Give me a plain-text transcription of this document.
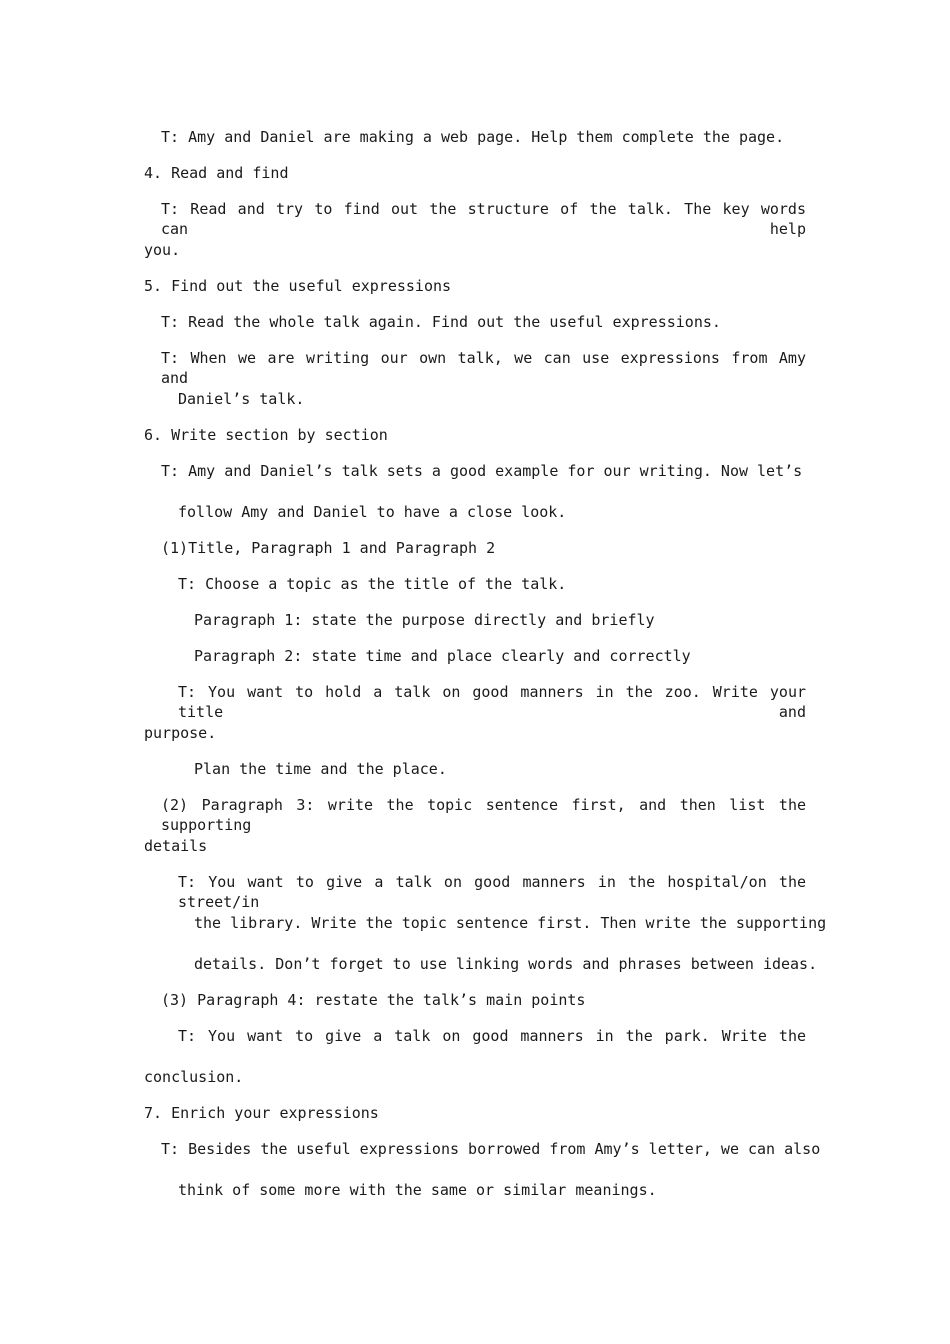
T: Amy and Daniel are making a web page. Help them complete the page.
4. Read and find
T: Read and try to find out the structure of the talk. The key words can help
you.
5. Find out the useful expressions
T: Read the whole talk again. Find out the useful expressions.
T: When we are writing our own talk, we can use expressions from Amy and
Daniel’s talk.
6. Write section by section
T: Amy and Daniel’s talk sets a good example for our writing. Now let’s
follow Amy and Daniel to have a close look.
(1)Title, Paragraph 1 and Paragraph 2
T: Choose a topic as the title of the talk.
Paragraph 1: state the purpose directly and briefly
Paragraph 2: state time and place clearly and correctly
T: You want to hold a talk on good manners in the zoo. Write your title and
purpose.
Plan the time and the place.
(2) Paragraph 3: write the topic sentence first, and then list the supporting
details
T: You want to give a talk on good manners in the hospital/on the street/in
the library. Write the topic sentence first. Then write the supporting
details. Don’t forget to use linking words and phrases between ideas.
(3) Paragraph 4: restate the talk’s main points
T: You want to give a talk on good manners in the park. Write the
conclusion.
7. Enrich your expressions
T: Besides the useful expressions borrowed from Amy’s letter, we can also
think of some more with the same or similar meanings.
